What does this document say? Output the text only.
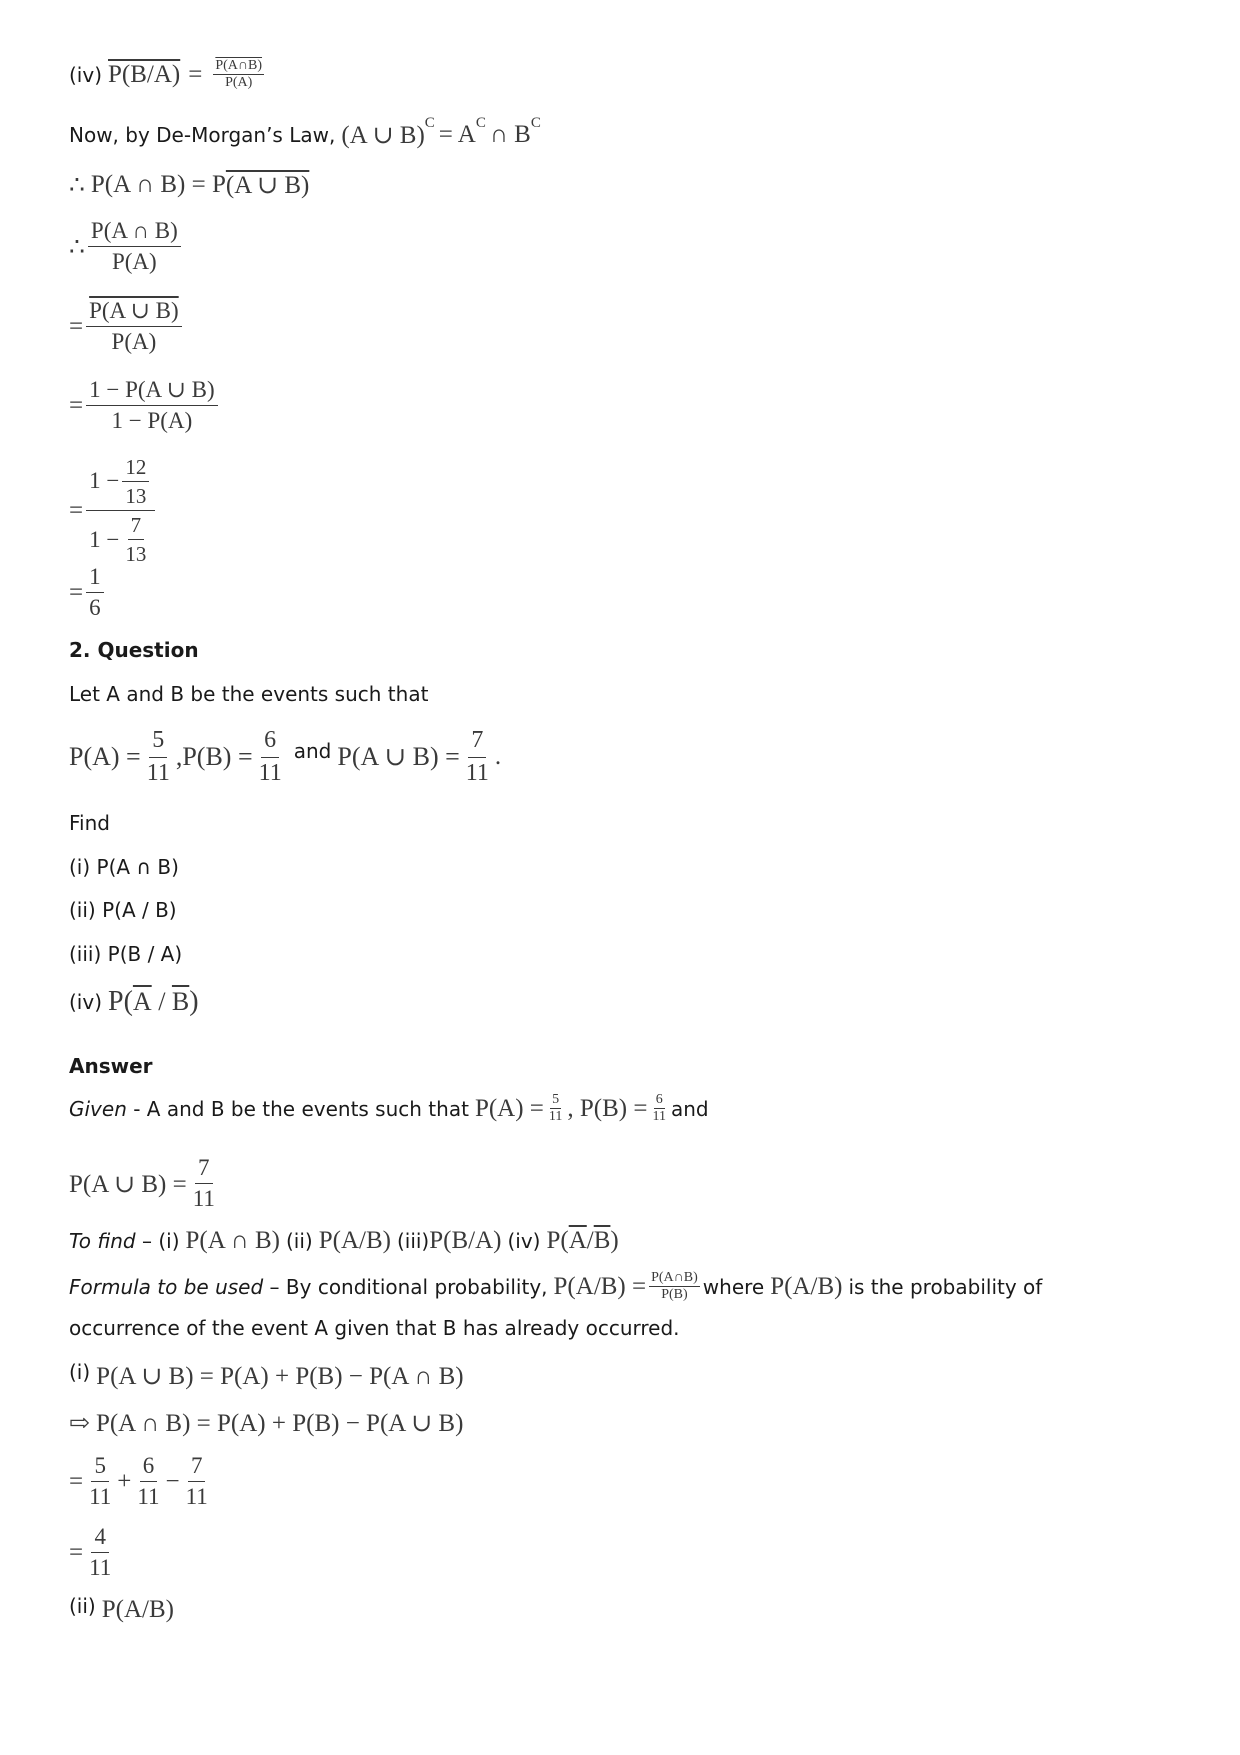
(iv) $P(B/A) = \frac{P(A\cap B)}{P(A)}$
Now, by De-Morgan’s Law, (A ∪ B) C = A C ∩ B C
∴ P(A ∩ B) = P (A ∪ B)
∴ $\frac{P(A \cap B)}{P(A)}$
= $\frac{P(A \cup B)}{P(A)}$
= $\frac{1 - P(A \cup B)}{1 - P(A)}$
= $\frac{1 - \frac{12}{13}}{1 - \frac{7}{13}}$
= $\frac{1}{6}$
2. Question
Let A and B be the events such that
$P(A) = \frac{5}{11} ,P(B) = \frac{6}{11}$ and P(A ∪ $B) = \frac{7}{11}$ .
Find
(i) P(A ∩ B)
(ii) P(A / B)
(iii) P(B / A)
(iv) P( $\overline{A} / \overline{B}$ )
Answer
Given - A and B be the events such that $P(A) = \frac{5}{11}$ , $P(B) = \frac{6}{11}$ and
P(A ∪ $B) = \frac{7}{11}$
To find – (i) P(A ∩ B) (ii) P(A/B) (iii) P(B/A) (iv) P( $\overline{A} / \overline{B}$ )
Formula to be used – By conditional probability, $P(A/B) = \frac{P(A\cap B)}{P(B)}$ where P(A/B) is the probability of
occurrence of the event A given that B has already occurred.
(i) P(A ∪ B) = P(A) + P(B) − P(A ∩ B)
⇨ P(A ∩ B) = P(A) + P(B) − P(A ∪ B)
= $\frac{5}{11} + \frac{6}{11} - \frac{7}{11}$
= $\frac{4}{11}$
(ii) P(A/B)
